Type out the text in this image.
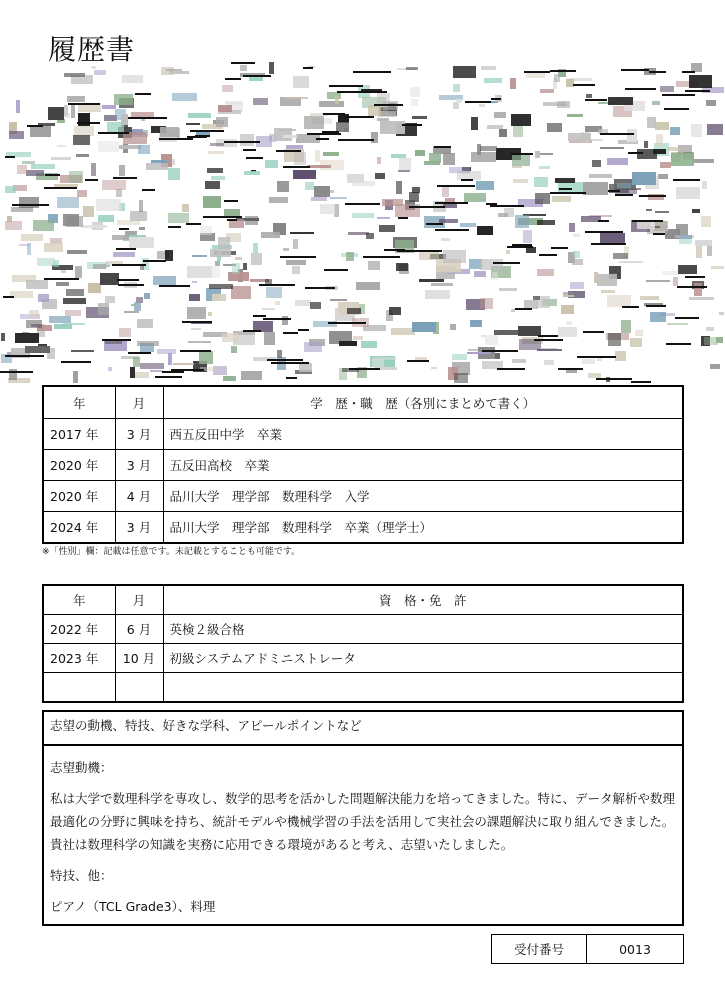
履歴書
年	月	学　歴・職　歴（各別にまとめて書く）
2017 年	3 月	西五反田中学　卒業
2020 年	3 月	五反田高校　卒業
2020 年	4 月	品川大学　理学部　数理科学　入学
2024 年	3 月	品川大学　理学部　数理科学　卒業（理学士）
※「性別」欄：記載は任意です。未記載とすることも可能です。
年	月	資　格・免　許
2022 年	6 月	英検２級合格
2023 年	10 月	初級システムアドミニストレータ

志望の動機、特技、好きな学科、アピールポイントなど

志望動機：

私は大学で数理科学を専攻し、数学的思考を活かした問題解決能力を培ってきました。特に、データ解析や数理最適化の分野に興味を持ち、統計モデルや機械学習の手法を活用して実社会の課題解決に取り組んできました。貴社は数理科学の知識を実務に応用できる環境があると考え、志望いたしました。

特技、他：

ピアノ（TCL Grade3）、料理

受付番号	0013
